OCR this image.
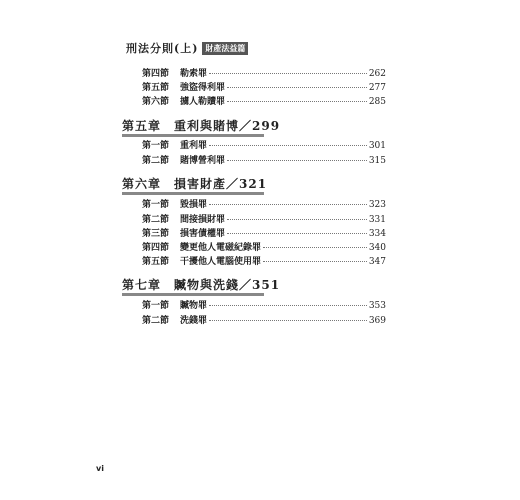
刑法分則(上) 財產法益篇
第四節	勒索罪	262
第五節	強盜得利罪	277
第六節	擄人勒贖罪	285
第五章　重利與賭博／299
第一節	重利罪	301
第二節	賭博營利罪	315
第六章　損害財產／321
第一節	毀損罪	323
第二節	間接損財罪	331
第三節	損害債權罪	334
第四節	變更他人電磁紀錄罪	340
第五節	干擾他人電腦使用罪	347
第七章　贓物與洗錢／351
第一節	贓物罪	353
第二節	洗錢罪	369
vi
